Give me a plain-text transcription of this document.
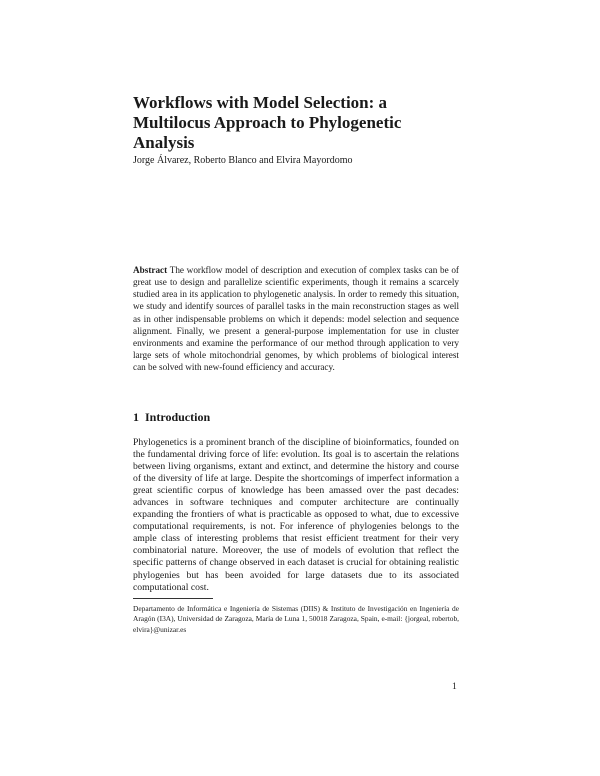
Workflows with Model Selection: a Multilocus Approach to Phylogenetic Analysis
Jorge Álvarez, Roberto Blanco and Elvira Mayordomo

Abstract The workflow model of description and execution of complex tasks can be of great use to design and parallelize scientific experiments, though it remains a scarcely studied area in its application to phylogenetic analysis. In order to remedy this situation, we study and identify sources of parallel tasks in the main reconstruction stages as well as in other indispensable problems on which it depends: model selection and sequence alignment. Finally, we present a general-purpose implementation for use in cluster environments and examine the performance of our method through application to very large sets of whole mitochondrial genomes, by which problems of biological interest can be solved with new-found efficiency and accuracy.

1 Introduction

Phylogenetics is a prominent branch of the discipline of bioinformatics, founded on the fundamental driving force of life: evolution. Its goal is to ascertain the relations between living organisms, extant and extinct, and determine the history and course of the diversity of life at large. Despite the shortcomings of imperfect information a great scientific corpus of knowledge has been amassed over the past decades: advances in software techniques and computer architecture are continually expanding the frontiers of what is practicable as opposed to what, due to excessive computational requirements, is not. For inference of phylogenies belongs to the ample class of interesting problems that resist efficient treatment for their very combinatorial nature. Moreover, the use of models of evolution that reflect the specific patterns of change observed in each dataset is crucial for obtaining realistic phylogenies but has been avoided for large datasets due to its associated computational cost.

Departamento de Informática e Ingeniería de Sistemas (DIIS) & Instituto de Investigación en Ingeniería de Aragón (I3A), Universidad de Zaragoza, María de Luna 1, 50018 Zaragoza, Spain, e-mail: {jorgeal, robertob, elvira}@unizar.es

1
